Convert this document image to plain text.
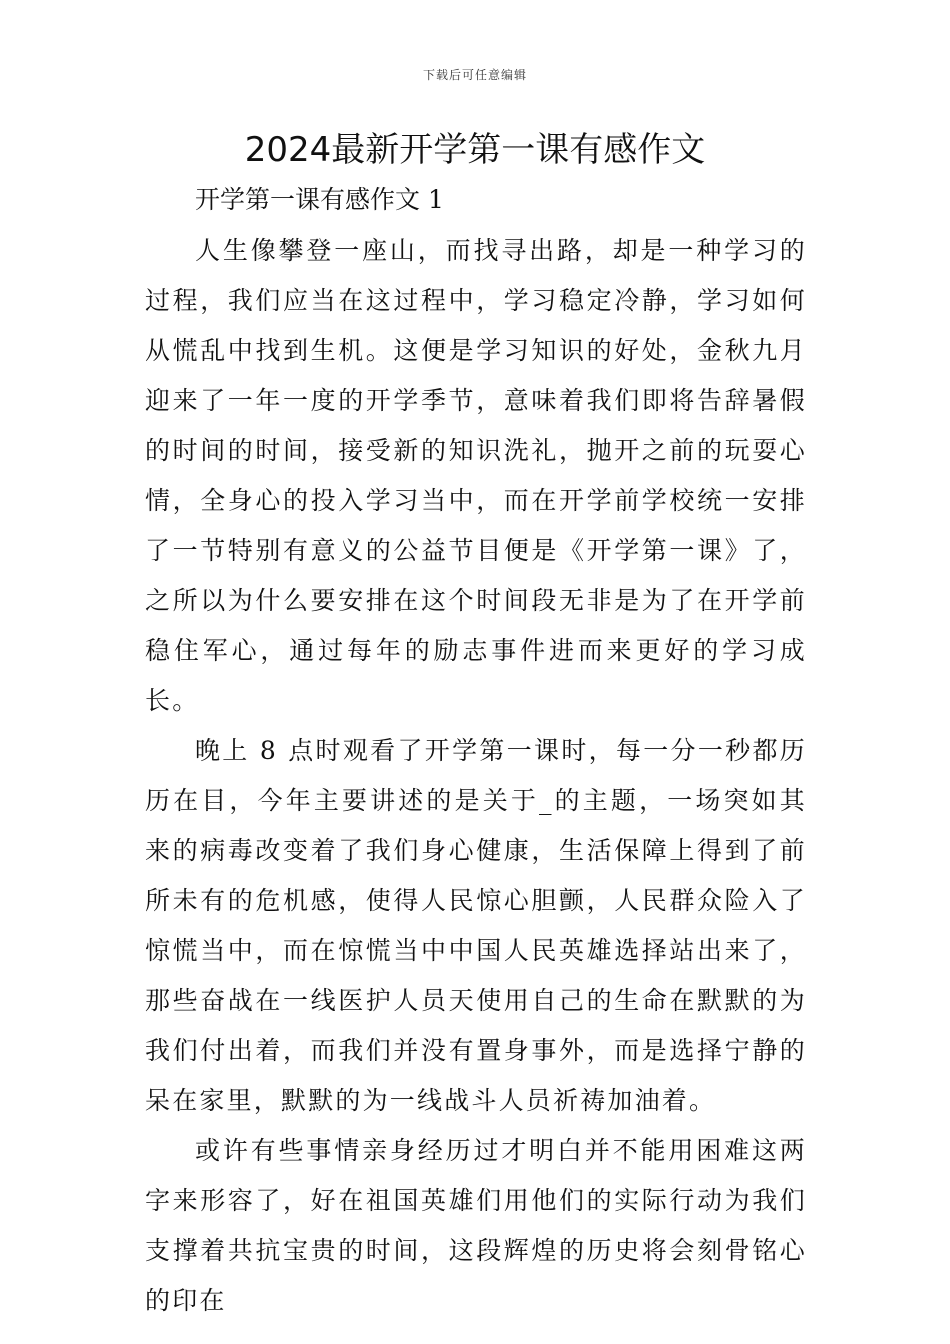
下载后可任意编辑
2024最新开学第一课有感作文

开学第一课有感作文 1

人生像攀登一座山，而找寻出路，却是一种学习的过程，我们应当在这过程中，学习稳定冷静，学习如何从慌乱中找到生机。这便是学习知识的好处，金秋九月迎来了一年一度的开学季节，意味着我们即将告辞暑假的时间的时间，接受新的知识洗礼，抛开之前的玩耍心情，全身心的投入学习当中，而在开学前学校统一安排了一节特别有意义的公益节目便是《开学第一课》了，之所以为什么要安排在这个时间段无非是为了在开学前稳住军心，通过每年的励志事件进而来更好的学习成长。

晚上 8 点时观看了开学第一课时，每一分一秒都历历在目，今年主要讲述的是关于_的主题，一场突如其来的病毒改变着了我们身心健康，生活保障上得到了前所未有的危机感，使得人民惊心胆颤，人民群众险入了惊慌当中，而在惊慌当中中国人民英雄选择站出来了，那些奋战在一线医护人员天使用自己的生命在默默的为我们付出着，而我们并没有置身事外，而是选择宁静的呆在家里，默默的为一线战斗人员祈祷加油着。

或许有些事情亲身经历过才明白并不能用困难这两字来形容了，好在祖国英雄们用他们的实际行动为我们支撑着共抗宝贵的时间，这段辉煌的历史将会刻骨铭心的印在
